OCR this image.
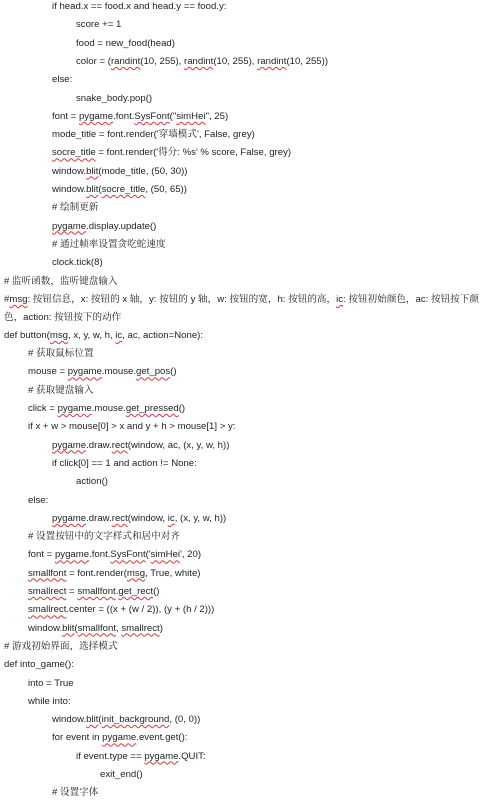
if head.x == food.x and head.y == food.y:
score += 1
food = new_food(head)
color = (randint(10, 255), randint(10, 255), randint(10, 255))
else:
snake_body.pop()
font = pygame.font.SysFont("simHei", 25)
mode_title = font.render('穿墙模式', False, grey)
socre_title = font.render('得分: %s' % score, False, grey)
window.blit(mode_title, (50, 30))
window.blit(socre_title, (50, 65))
# 绘制更新
pygame.display.update()
# 通过帧率设置贪吃蛇速度
clock.tick(8)
# 监听函数，监听键盘输入
#msg: 按钮信息，x: 按钮的 x 轴，y: 按钮的 y 轴，w: 按钮的宽，h: 按钮的高，ic: 按钮初始颜色，ac: 按钮按下颜色，action: 按钮按下的动作
def button(msg, x, y, w, h, ic, ac, action=None):
# 获取鼠标位置
mouse = pygame.mouse.get_pos()
# 获取键盘输入
click = pygame.mouse.get_pressed()
if x + w > mouse[0] > x and y + h > mouse[1] > y:
pygame.draw.rect(window, ac, (x, y, w, h))
if click[0] == 1 and action != None:
action()
else:
pygame.draw.rect(window, ic, (x, y, w, h))
# 设置按钮中的文字样式和居中对齐
font = pygame.font.SysFont('simHei', 20)
smallfont = font.render(msg, True, white)
smallrect = smallfont.get_rect()
smallrect.center = ((x + (w / 2)), (y + (h / 2)))
window.blit(smallfont, smallrect)
# 游戏初始界面，选择模式
def into_game():
into = True
while into:
window.blit(init_background, (0, 0))
for event in pygame.event.get():
if event.type == pygame.QUIT:
exit_end()
# 设置字体
